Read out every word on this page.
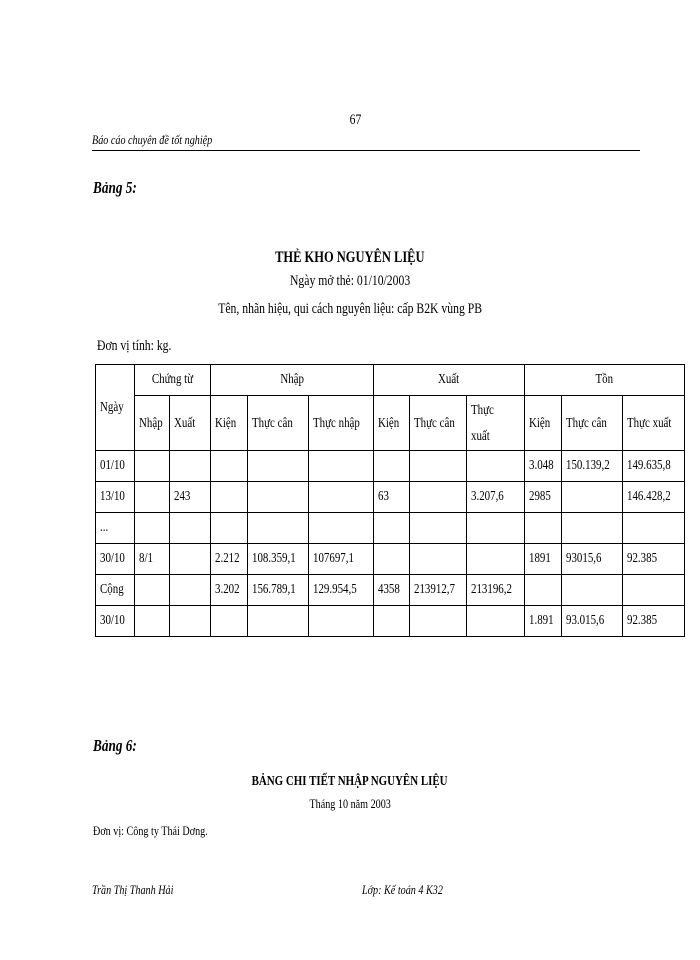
67
Báo cáo chuyên đề tốt nghiệp
Bảng 5:
THẺ KHO NGUYÊN LIỆU
Ngày mở thẻ: 01/10/2003
Tên, nhãn hiệu, qui cách nguyên liệu: cấp B2K vùng PB
Đơn vị tính: kg.
Ngày	Chứng từ		Nhập			Xuất			Tồn		

	Nhập	Xuất	Kiện	Thực cân	Thực nhập	Kiện	Thực cân	Thực xuất	Kiện	Thực cân	Thực xuất

01/10									3.048	150.139,2	149.635,8

13/10		243				63		3.207,6	2985		146.428,2

...											

30/10	8/1		2.212	108.359,1	107697,1				1891	93015,6	92.385

Cộng			3.202	156.789,1	129.954,5	4358	213912,7	213196,2			

30/10									1.891	93.015,6	92.385
Bảng 6:
BẢNG CHI TIẾT NHẬP NGUYÊN LIỆU
Tháng 10 năm 2003
Đơn vị: Công ty Thái Dơng.
Trần Thị Thanh Hải	Lớp: Kế toán 4 K32
